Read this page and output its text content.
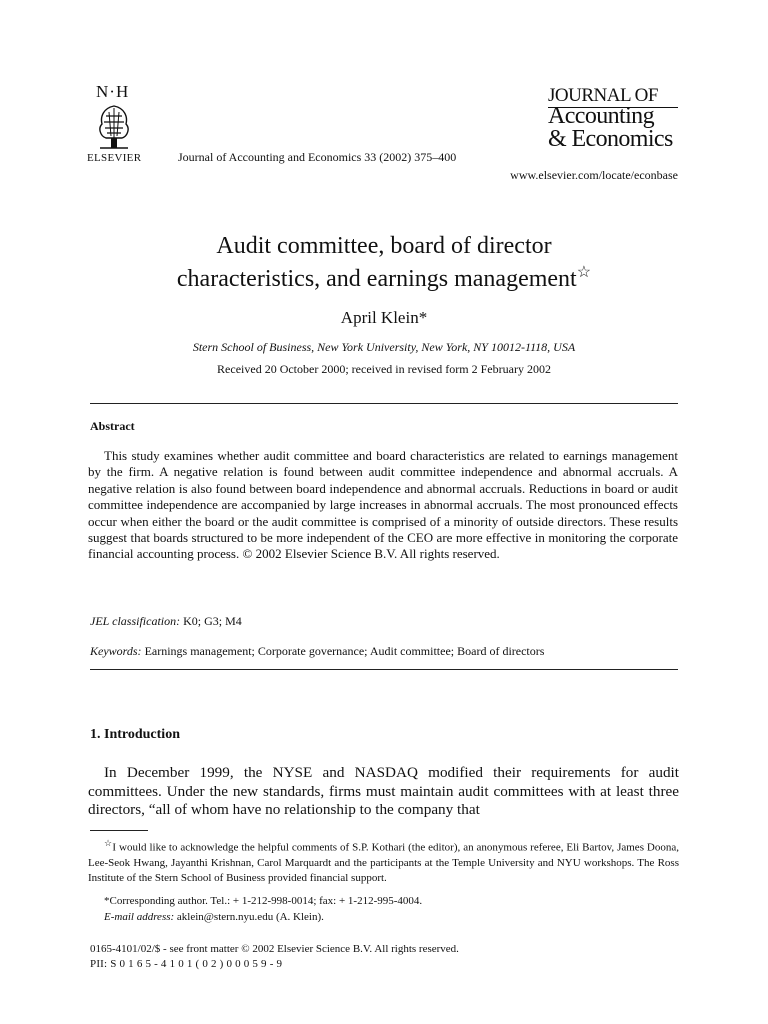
N·H
ELSEVIER	Journal of Accounting and Economics 33 (2002) 375–400
JOURNAL OF
Accounting
& Economics
www.elsevier.com/locate/econbase
Audit committee, board of director
characteristics, and earnings management☆
April Klein*
Stern School of Business, New York University, New York, NY 10012-1118, USA
Received 20 October 2000; received in revised form 2 February 2002
Abstract
This study examines whether audit committee and board characteristics are related to earnings management by the firm. A negative relation is found between audit committee independence and abnormal accruals. A negative relation is also found between board independence and abnormal accruals. Reductions in board or audit committee independence are accompanied by large increases in abnormal accruals. The most pronounced effects occur when either the board or the audit committee is comprised of a minority of outside directors. These results suggest that boards structured to be more independent of the CEO are more effective in monitoring the corporate financial accounting process. © 2002 Elsevier Science B.V. All rights reserved.
JEL classification: K0; G3; M4
Keywords: Earnings management; Corporate governance; Audit committee; Board of directors
1. Introduction
In December 1999, the NYSE and NASDAQ modified their requirements for audit committees. Under the new standards, firms must maintain audit committees with at least three directors, “all of whom have no relationship to the company that
☆I would like to acknowledge the helpful comments of S.P. Kothari (the editor), an anonymous referee, Eli Bartov, James Doona, Lee-Seok Hwang, Jayanthi Krishnan, Carol Marquardt and the participants at the Temple University and NYU workshops. The Ross Institute of the Stern School of Business provided financial support.
*Corresponding author. Tel.: + 1-212-998-0014; fax: + 1-212-995-4004.
E-mail address: aklein@stern.nyu.edu (A. Klein).
0165-4101/02/$ - see front matter © 2002 Elsevier Science B.V. All rights reserved.
PII: S 0 1 6 5 - 4 1 0 1 ( 0 2 ) 0 0 0 5 9 - 9
